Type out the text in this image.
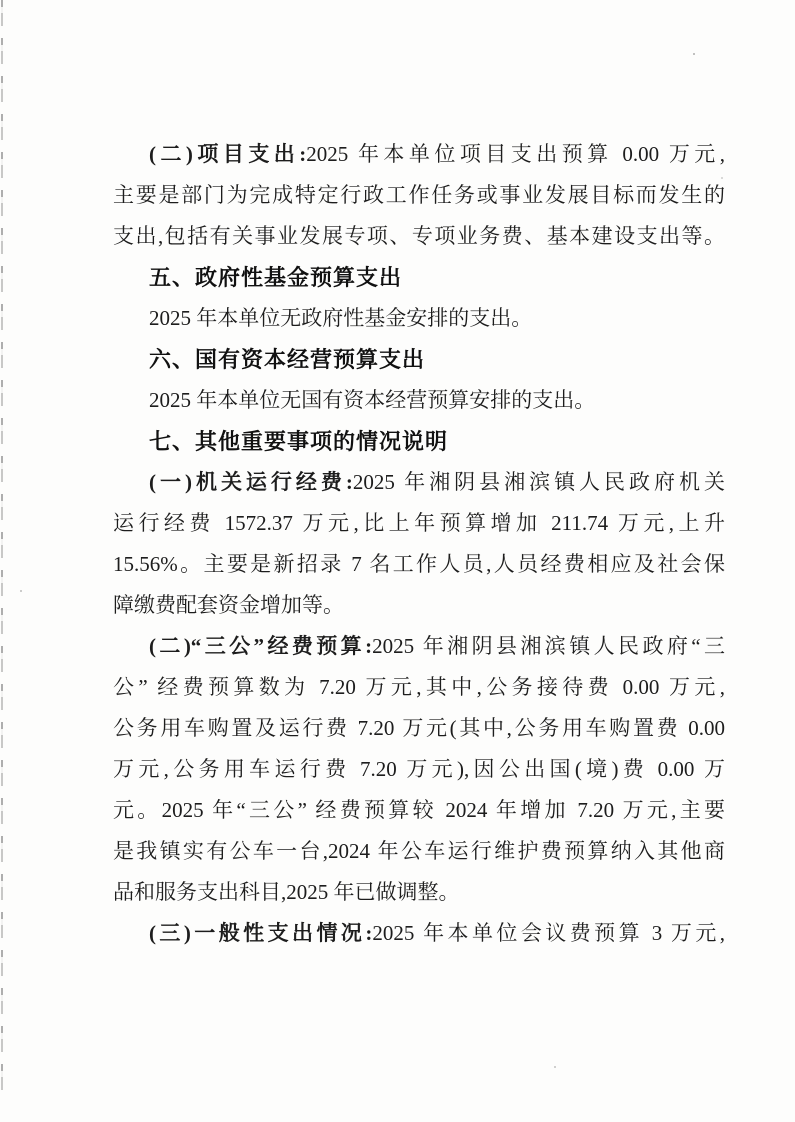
(二)项目支出:2025 年本单位项目支出预算 0.00 万元,
主要是部门为完成特定行政工作任务或事业发展目标而发生的
支出,包括有关事业发展专项、专项业务费、基本建设支出等。
五、政府性基金预算支出
2025 年本单位无政府性基金安排的支出。
六、国有资本经营预算支出
2025 年本单位无国有资本经营预算安排的支出。
七、其他重要事项的情况说明
(一)机关运行经费:2025 年湘阴县湘滨镇人民政府机关
运行经费 1572.37 万元,比上年预算增加 211.74 万元,上升
15.56%。主要是新招录 7 名工作人员,人员经费相应及社会保
障缴费配套资金增加等。
(二)“三公”经费预算:2025 年湘阴县湘滨镇人民政府“三
公” 经费预算数为 7.20 万元,其中,公务接待费 0.00 万元,
公务用车购置及运行费 7.20 万元(其中,公务用车购置费 0.00
万元,公务用车运行费 7.20 万元),因公出国(境)费 0.00 万
元。2025 年“三公” 经费预算较 2024 年增加 7.20 万元,主要
是我镇实有公车一台,2024 年公车运行维护费预算纳入其他商
品和服务支出科目,2025 年已做调整。
(三)一般性支出情况:2025 年本单位会议费预算 3 万元,
